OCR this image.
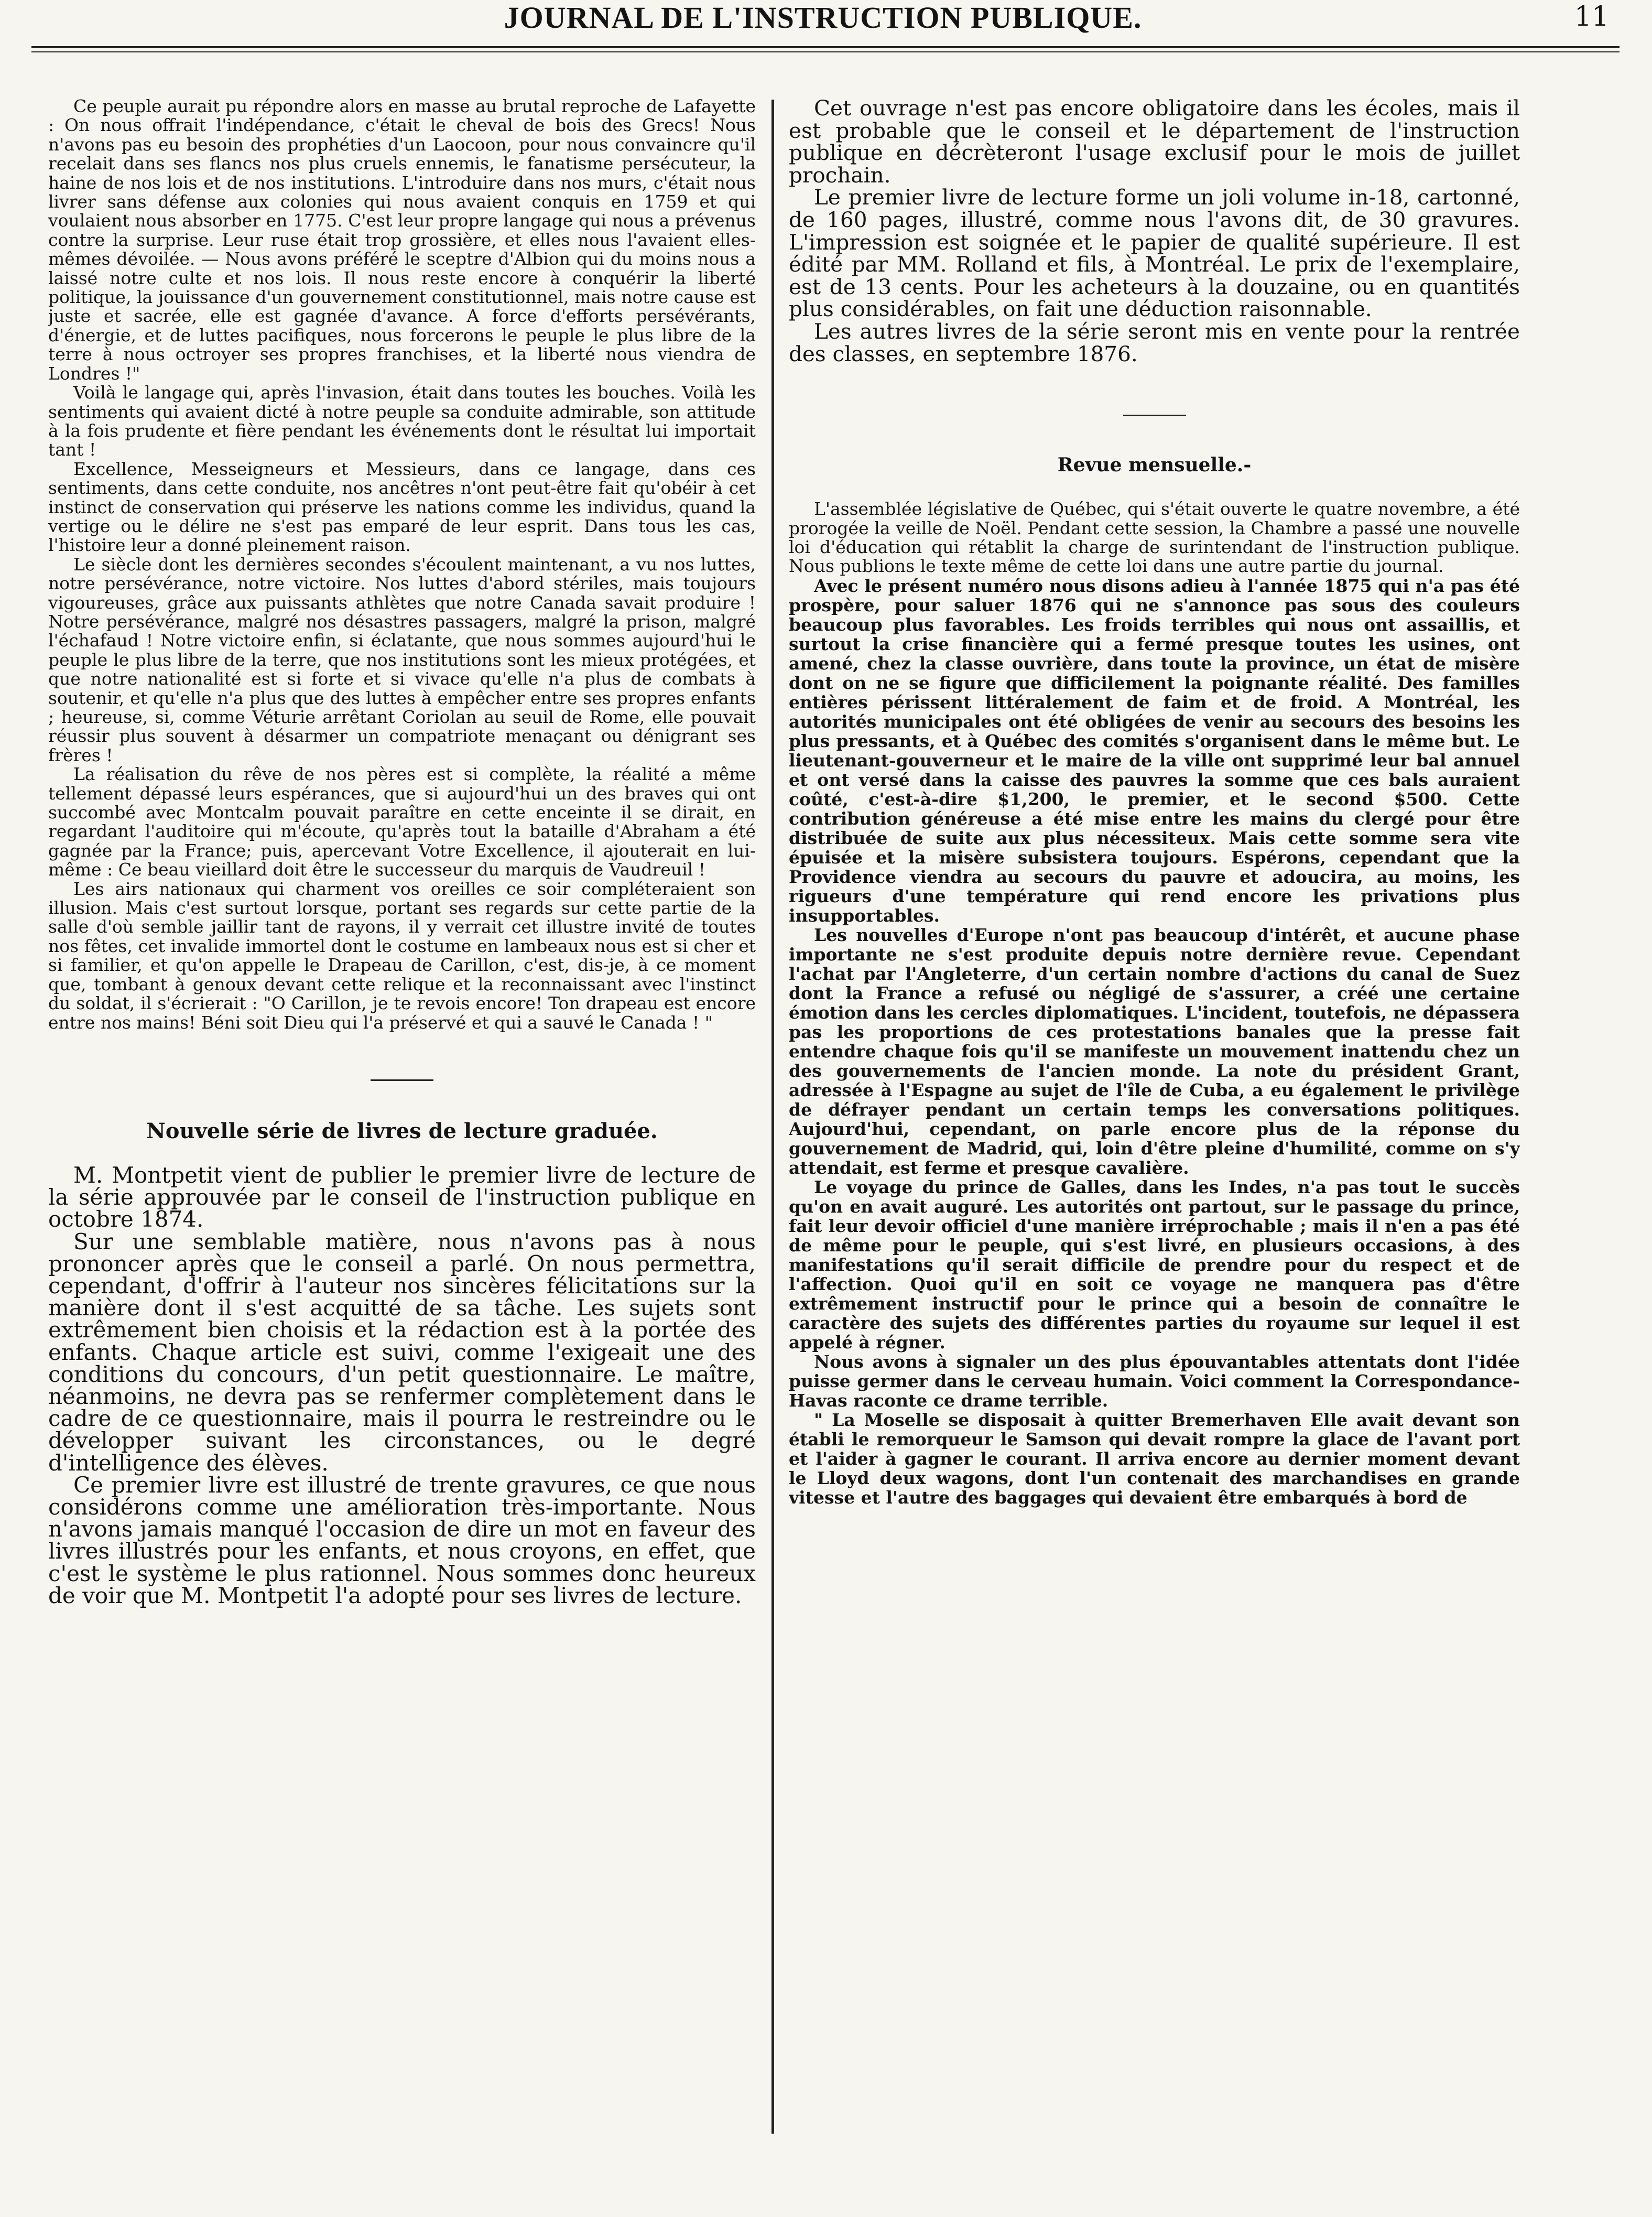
JOURNAL DE L'INSTRUCTION PUBLIQUE.	11

Ce peuple aurait pu répondre alors en masse au brutal reproche de Lafayette : On nous offrait l'indépendance, c'était le cheval de bois des Grecs! Nous n'avons pas eu besoin des prophéties d'un Laocoon, pour nous convaincre qu'il recelait dans ses flancs nos plus cruels ennemis, le fanatisme persécuteur, la haine de nos lois et de nos institutions. L'introduire dans nos murs, c'était nous livrer sans défense aux colonies qui nous avaient conquis en 1759 et qui voulaient nous absorber en 1775. C'est leur propre langage qui nous a prévenus contre la surprise. Leur ruse était trop grossière, et elles nous l'avaient elles-mêmes dévoilée. — Nous avons préféré le sceptre d'Albion qui du moins nous a laissé notre culte et nos lois. Il nous reste encore à conquérir la liberté politique, la jouissance d'un gouvernement constitutionnel, mais notre cause est juste et sacrée, elle est gagnée d'avance. A force d'efforts persévérants, d'énergie, et de luttes pacifiques, nous forcerons le peuple le plus libre de la terre à nous octroyer ses propres franchises, et la liberté nous viendra de Londres !"

Voilà le langage qui, après l'invasion, était dans toutes les bouches. Voilà les sentiments qui avaient dicté à notre peuple sa conduite admirable, son attitude à la fois prudente et fière pendant les événements dont le résultat lui importait tant !

Excellence, Messeigneurs et Messieurs, dans ce langage, dans ces sentiments, dans cette conduite, nos ancêtres n'ont peut-être fait qu'obéir à cet instinct de conservation qui préserve les nations comme les individus, quand la vertige ou le délire ne s'est pas emparé de leur esprit. Dans tous les cas, l'histoire leur a donné pleinement raison.

Le siècle dont les dernières secondes s'écoulent maintenant, a vu nos luttes, notre persévérance, notre victoire. Nos luttes d'abord stériles, mais toujours vigoureuses, grâce aux puissants athlètes que notre Canada savait produire ! Notre persévérance, malgré nos désastres passagers, malgré la prison, malgré l'échafaud ! Notre victoire enfin, si éclatante, que nous sommes aujourd'hui le peuple le plus libre de la terre, que nos institutions sont les mieux protégées, et que notre nationalité est si forte et si vivace qu'elle n'a plus de combats à soutenir, et qu'elle n'a plus que des luttes à empêcher entre ses propres enfants ; heureuse, si, comme Véturie arrêtant Coriolan au seuil de Rome, elle pouvait réussir plus souvent à désarmer un compatriote menaçant ou dénigrant ses frères !

La réalisation du rêve de nos pères est si complète, la réalité a même tellement dépassé leurs espérances, que si aujourd'hui un des braves qui ont succombé avec Montcalm pouvait paraître en cette enceinte il se dirait, en regardant l'auditoire qui m'écoute, qu'après tout la bataille d'Abraham a été gagnée par la France; puis, apercevant Votre Excellence, il ajouterait en lui-même : Ce beau vieillard doit être le successeur du marquis de Vaudreuil !

Les airs nationaux qui charment vos oreilles ce soir compléteraient son illusion. Mais c'est surtout lorsque, portant ses regards sur cette partie de la salle d'où semble jaillir tant de rayons, il y verrait cet illustre invité de toutes nos fêtes, cet invalide immortel dont le costume en lambeaux nous est si cher et si familier, et qu'on appelle le Drapeau de Carillon, c'est, dis-je, à ce moment que, tombant à genoux devant cette relique et la reconnaissant avec l'instinct du soldat, il s'écrierait : "O Carillon, je te revois encore! Ton drapeau est encore entre nos mains! Béni soit Dieu qui l'a préservé et qui a sauvé le Canada ! "

Nouvelle série de livres de lecture graduée.

M. Montpetit vient de publier le premier livre de lecture de la série approuvée par le conseil de l'instruction publique en octobre 1874.

Sur une semblable matière, nous n'avons pas à nous prononcer après que le conseil a parlé. On nous permettra, cependant, d'offrir à l'auteur nos sincères félicitations sur la manière dont il s'est acquitté de sa tâche. Les sujets sont extrêmement bien choisis et la rédaction est à la portée des enfants. Chaque article est suivi, comme l'exigeait une des conditions du concours, d'un petit questionnaire. Le maître, néanmoins, ne devra pas se renfermer complètement dans le cadre de ce questionnaire, mais il pourra le restreindre ou le développer suivant les circonstances, ou le degré d'intelligence des élèves.

Ce premier livre est illustré de trente gravures, ce que nous considérons comme une amélioration très-importante. Nous n'avons jamais manqué l'occasion de dire un mot en faveur des livres illustrés pour les enfants, et nous croyons, en effet, que c'est le système le plus rationnel. Nous sommes donc heureux de voir que M. Montpetit l'a adopté pour ses livres de lecture.

Cet ouvrage n'est pas encore obligatoire dans les écoles, mais il est probable que le conseil et le département de l'instruction publique en décrèteront l'usage exclusif pour le mois de juillet prochain.

Le premier livre de lecture forme un joli volume in-18, cartonné, de 160 pages, illustré, comme nous l'avons dit, de 30 gravures. L'impression est soignée et le papier de qualité supérieure. Il est édité par MM. Rolland et fils, à Montréal. Le prix de l'exemplaire, est de 13 cents. Pour les acheteurs à la douzaine, ou en quantités plus considérables, on fait une déduction raisonnable.

Les autres livres de la série seront mis en vente pour la rentrée des classes, en septembre 1876.

Revue mensuelle.-

L'assemblée législative de Québec, qui s'était ouverte le quatre novembre, a été prorogée la veille de Noël. Pendant cette session, la Chambre a passé une nouvelle loi d'éducation qui rétablit la charge de surintendant de l'instruction publique. Nous publions le texte même de cette loi dans une autre partie du journal.

Avec le présent numéro nous disons adieu à l'année 1875 qui n'a pas été prospère, pour saluer 1876 qui ne s'annonce pas sous des couleurs beaucoup plus favorables. Les froids terribles qui nous ont assaillis, et surtout la crise financière qui a fermé presque toutes les usines, ont amené, chez la classe ouvrière, dans toute la province, un état de misère dont on ne se figure que difficilement la poignante réalité. Des familles entières périssent littéralement de faim et de froid. A Montréal, les autorités municipales ont été obligées de venir au secours des besoins les plus pressants, et à Québec des comités s'organisent dans le même but. Le lieutenant-gouverneur et le maire de la ville ont supprimé leur bal annuel et ont versé dans la caisse des pauvres la somme que ces bals auraient coûté, c'est-à-dire $1,200, le premier, et le second $500. Cette contribution généreuse a été mise entre les mains du clergé pour être distribuée de suite aux plus nécessiteux. Mais cette somme sera vite épuisée et la misère subsistera toujours. Espérons, cependant que la Providence viendra au secours du pauvre et adoucira, au moins, les rigueurs d'une température qui rend encore les privations plus insupportables.

Les nouvelles d'Europe n'ont pas beaucoup d'intérêt, et aucune phase importante ne s'est produite depuis notre dernière revue. Cependant l'achat par l'Angleterre, d'un certain nombre d'actions du canal de Suez dont la France a refusé ou négligé de s'assurer, a créé une certaine émotion dans les cercles diplomatiques. L'incident, toutefois, ne dépassera pas les proportions de ces protestations banales que la presse fait entendre chaque fois qu'il se manifeste un mouvement inattendu chez un des gouvernements de l'ancien monde. La note du président Grant, adressée à l'Espagne au sujet de l'île de Cuba, a eu également le privilège de défrayer pendant un certain temps les conversations politiques. Aujourd'hui, cependant, on parle encore plus de la réponse du gouvernement de Madrid, qui, loin d'être pleine d'humilité, comme on s'y attendait, est ferme et presque cavalière.

Le voyage du prince de Galles, dans les Indes, n'a pas tout le succès qu'on en avait auguré. Les autorités ont partout, sur le passage du prince, fait leur devoir officiel d'une manière irréprochable ; mais il n'en a pas été de même pour le peuple, qui s'est livré, en plusieurs occasions, à des manifestations qu'il serait difficile de prendre pour du respect et de l'affection. Quoi qu'il en soit ce voyage ne manquera pas d'être extrêmement instructif pour le prince qui a besoin de connaître le caractère des sujets des différentes parties du royaume sur lequel il est appelé à régner.

Nous avons à signaler un des plus épouvantables attentats dont l'idée puisse germer dans le cerveau humain. Voici comment la Correspondance-Havas raconte ce drame terrible.

" La Moselle se disposait à quitter Bremerhaven Elle avait devant son établi le remorqueur le Samson qui devait rompre la glace de l'avant port et l'aider à gagner le courant. Il arriva encore au dernier moment devant le Lloyd deux wagons, dont l'un contenait des marchandises en grande vitesse et l'autre des baggages qui devaient être embarqués à bord de
